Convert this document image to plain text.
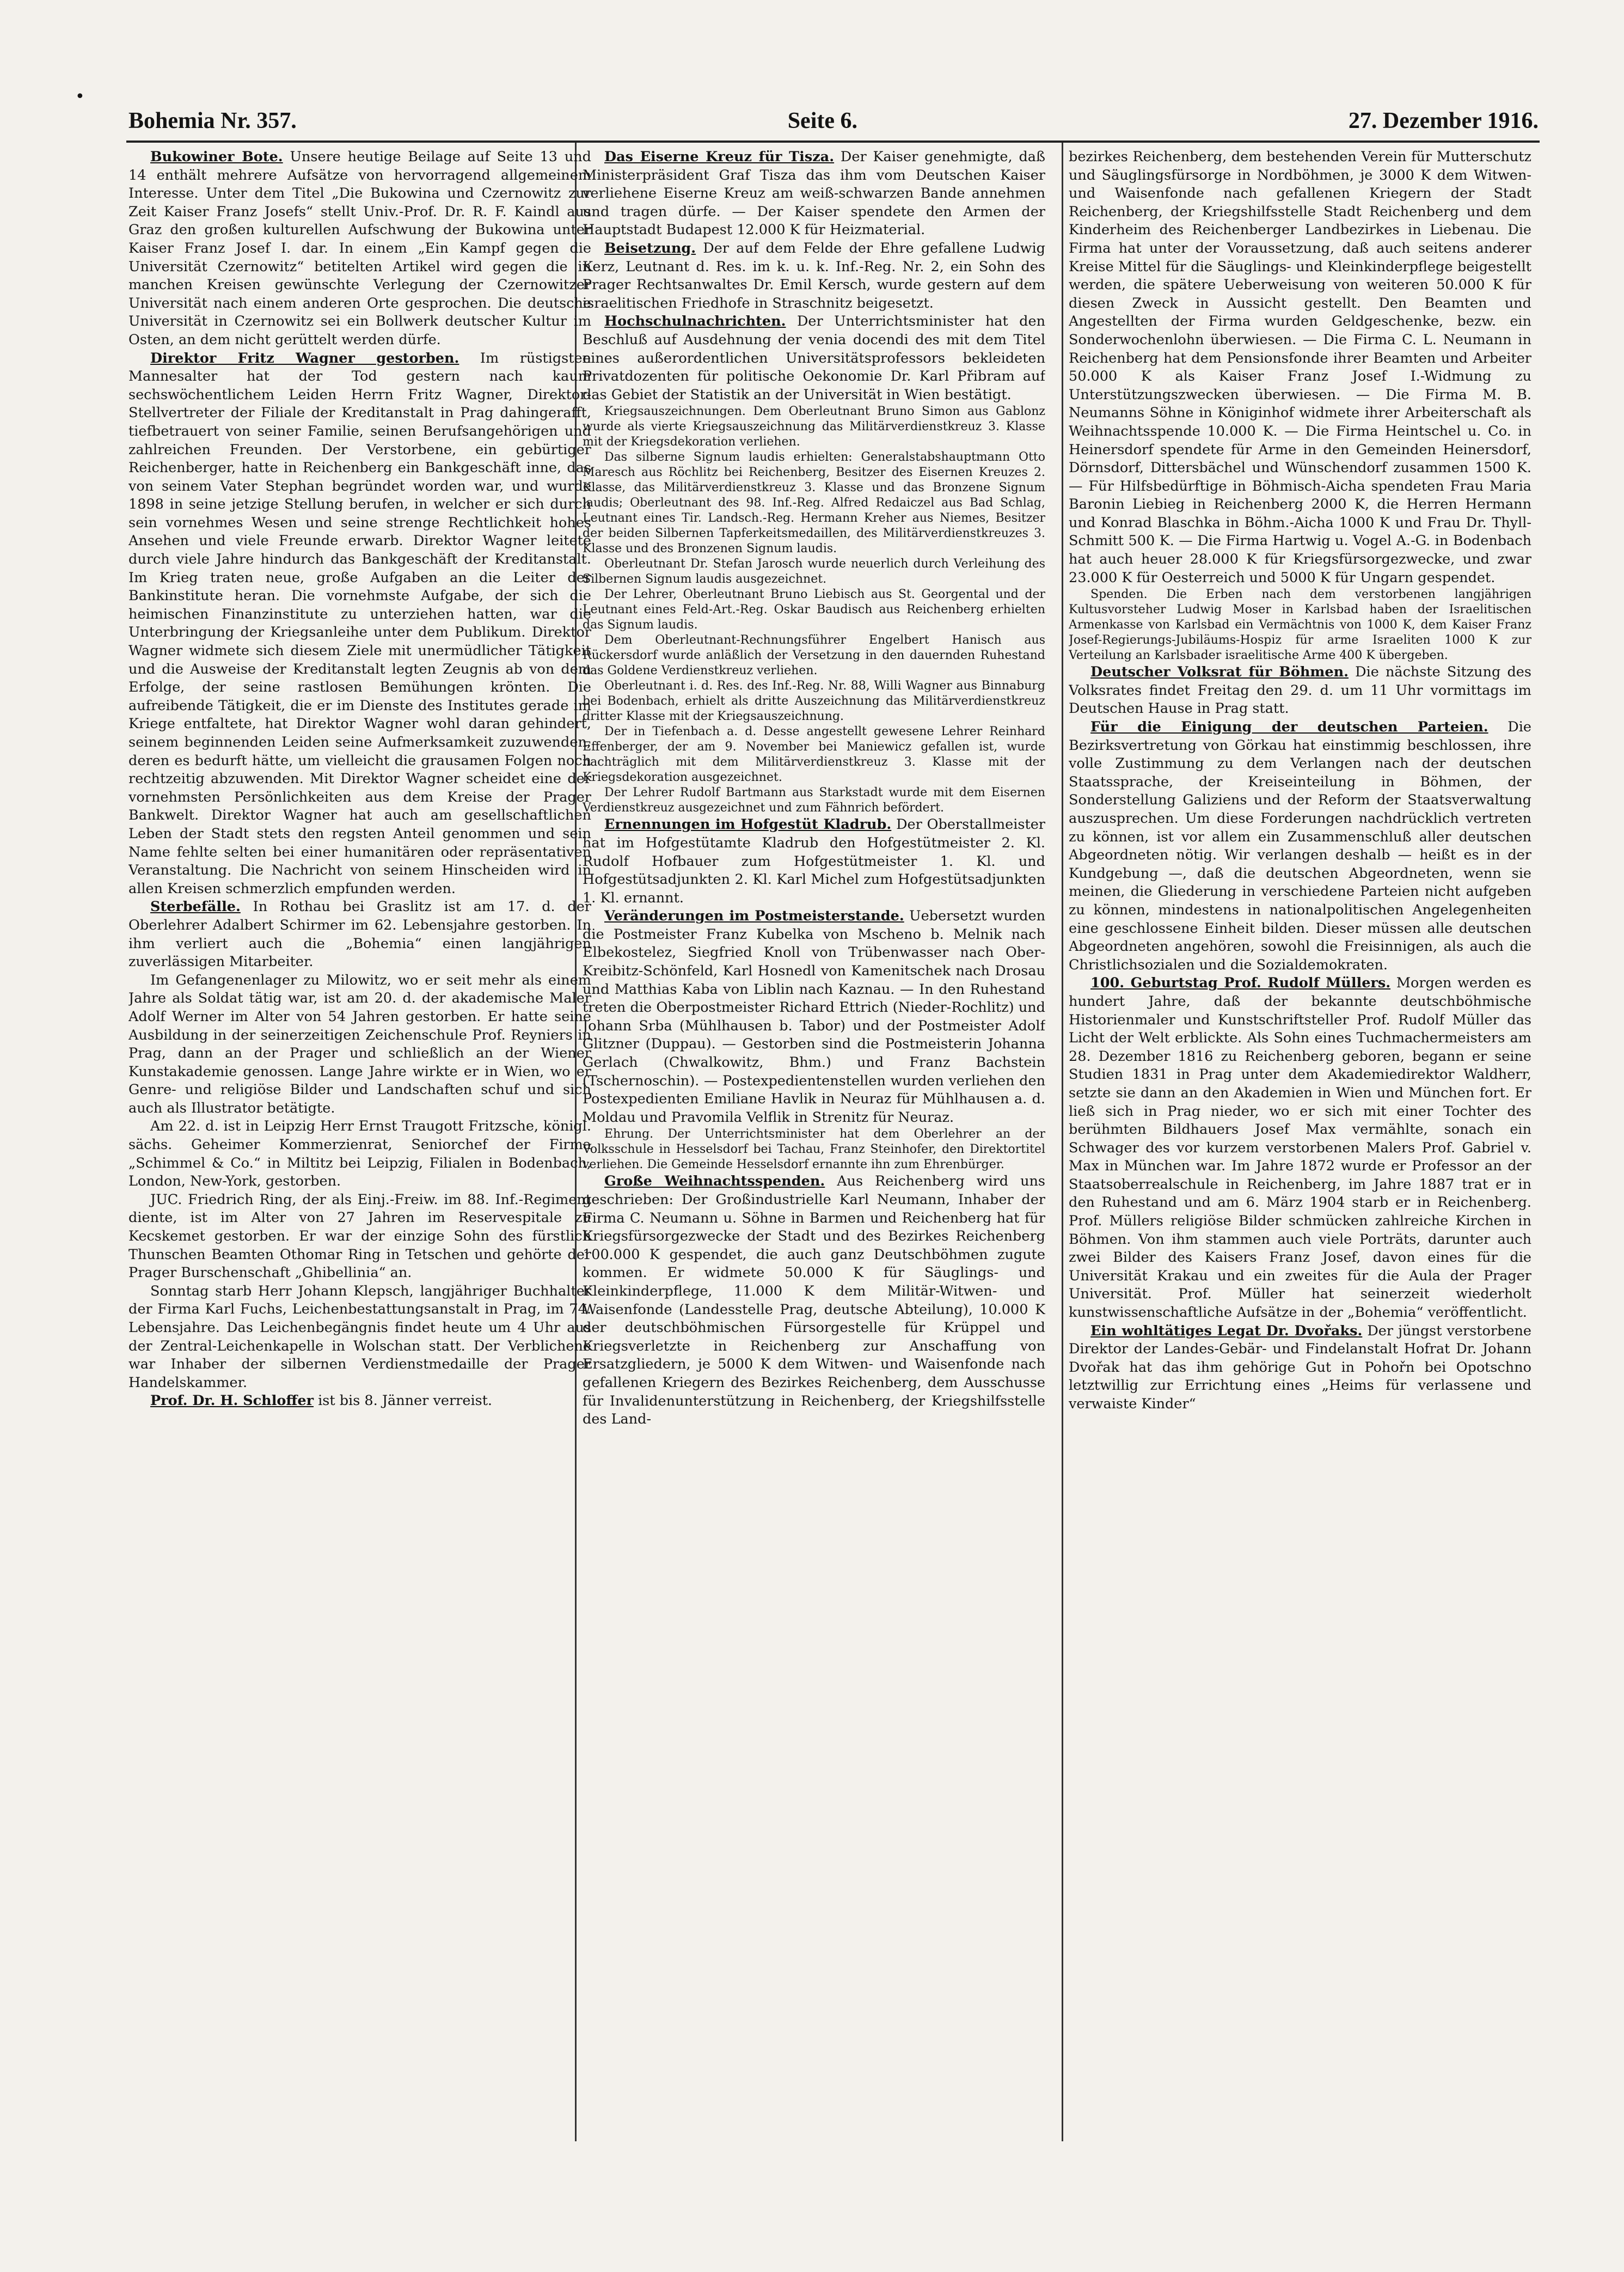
•
Bohemia Nr. 357.	Seite 6.	27. Dezember 1916.

Bukowiner Bote. Unsere heutige Beilage auf Seite 13 und 14 enthält mehrere Aufsätze von hervorragend allgemeinem Interesse. Unter dem Titel „Die Bukowina und Czernowitz zur Zeit Kaiser Franz Josefs“ stellt Univ.-Prof. Dr. R. F. Kaindl aus Graz den großen kulturellen Aufschwung der Bukowina unter Kaiser Franz Josef I. dar. In einem „Ein Kampf gegen die Universität Czernowitz“ betitelten Artikel wird gegen die in manchen Kreisen gewünschte Verlegung der Czernowitzer Universität nach einem anderen Orte gesprochen. Die deutsche Universität in Czernowitz sei ein Bollwerk deutscher Kultur im Osten, an dem nicht gerüttelt werden dürfe.

Direktor Fritz Wagner gestorben. Im rüstigsten Mannesalter hat der Tod gestern nach kaum sechswöchentlichem Leiden Herrn Fritz Wagner, Direktor-Stellvertreter der Filiale der Kreditanstalt in Prag dahingerafft, tiefbetrauert von seiner Familie, seinen Berufsangehörigen und zahlreichen Freunden. Der Verstorbene, ein gebürtiger Reichenberger, hatte in Reichenberg ein Bankgeschäft inne, das von seinem Vater Stephan begründet worden war, und wurde 1898 in seine jetzige Stellung berufen, in welcher er sich durch sein vornehmes Wesen und seine strenge Rechtlichkeit hohes Ansehen und viele Freunde erwarb. Direktor Wagner leitete durch viele Jahre hindurch das Bankgeschäft der Kreditanstalt. Im Krieg traten neue, große Aufgaben an die Leiter der Bankinstitute heran. Die vornehmste Aufgabe, der sich die heimischen Finanzinstitute zu unterziehen hatten, war die Unterbringung der Kriegsanleihe unter dem Publikum. Direktor Wagner widmete sich diesem Ziele mit unermüdlicher Tätigkeit und die Ausweise der Kreditanstalt legten Zeugnis ab von dem Erfolge, der seine rastlosen Bemühungen krönten. Die aufreibende Tätigkeit, die er im Dienste des Institutes gerade im Kriege entfaltete, hat Direktor Wagner wohl daran gehindert, seinem beginnenden Leiden seine Aufmerksamkeit zuzuwenden, deren es bedurft hätte, um vielleicht die grausamen Folgen noch rechtzeitig abzuwenden. Mit Direktor Wagner scheidet eine der vornehmsten Persönlichkeiten aus dem Kreise der Prager Bankwelt. Direktor Wagner hat auch am gesellschaftlichen Leben der Stadt stets den regsten Anteil genommen und sein Name fehlte selten bei einer humanitären oder repräsentativen Veranstaltung. Die Nachricht von seinem Hinscheiden wird in allen Kreisen schmerzlich empfunden werden.

Sterbefälle. In Rothau bei Graslitz ist am 17. d. der Oberlehrer Adalbert Schirmer im 62. Lebensjahre gestorben. In ihm verliert auch die „Bohemia“ einen langjährigen zuverlässigen Mitarbeiter.

Im Gefangenenlager zu Milowitz, wo er seit mehr als einem Jahre als Soldat tätig war, ist am 20. d. der akademische Maler Adolf Werner im Alter von 54 Jahren gestorben. Er hatte seine Ausbildung in der seinerzeitigen Zeichenschule Prof. Reyniers in Prag, dann an der Prager und schließlich an der Wiener Kunstakademie genossen. Lange Jahre wirkte er in Wien, wo er Genre- und religiöse Bilder und Landschaften schuf und sich auch als Illustrator betätigte.

Am 22. d. ist in Leipzig Herr Ernst Traugott Fritzsche, königl. sächs. Geheimer Kommerzienrat, Seniorchef der Firma „Schimmel & Co.“ in Miltitz bei Leipzig, Filialen in Bodenbach, London, New-York, gestorben.

JUC. Friedrich Ring, der als Einj.-Freiw. im 88. Inf.-Regiment diente, ist im Alter von 27 Jahren im Reservespitale zu Kecskemet gestorben. Er war der einzige Sohn des fürstlich Thunschen Beamten Othomar Ring in Tetschen und gehörte der Prager Burschenschaft „Ghibellinia“ an.

Sonntag starb Herr Johann Klepsch, langjähriger Buchhalter der Firma Karl Fuchs, Leichenbestattungsanstalt in Prag, im 74. Lebensjahre. Das Leichenbegängnis findet heute um 4 Uhr aus der Zentral-Leichenkapelle in Wolschan statt. Der Verblichene war Inhaber der silbernen Verdienstmedaille der Prager Handelskammer.

Prof. Dr. H. Schloffer ist bis 8. Jänner verreist.

Das Eiserne Kreuz für Tisza. Der Kaiser genehmigte, daß Ministerpräsident Graf Tisza das ihm vom Deutschen Kaiser verliehene Eiserne Kreuz am weiß-schwarzen Bande annehmen und tragen dürfe. — Der Kaiser spendete den Armen der Hauptstadt Budapest 12.000 K für Heizmaterial.

Beisetzung. Der auf dem Felde der Ehre gefallene Ludwig Kerz, Leutnant d. Res. im k. u. k. Inf.-Reg. Nr. 2, ein Sohn des Prager Rechtsanwaltes Dr. Emil Kersch, wurde gestern auf dem israelitischen Friedhofe in Straschnitz beigesetzt.

Hochschulnachrichten. Der Unterrichtsminister hat den Beschluß auf Ausdehnung der venia docendi des mit dem Titel eines außerordentlichen Universitätsprofessors bekleideten Privatdozenten für politische Oekonomie Dr. Karl Přibram auf das Gebiet der Statistik an der Universität in Wien bestätigt.

Kriegsauszeichnungen. Dem Oberleutnant Bruno Simon aus Gablonz wurde als vierte Kriegsauszeichnung das Militärverdienstkreuz 3. Klasse mit der Kriegsdekoration verliehen.

Das silberne Signum laudis erhielten: Generalstabshauptmann Otto Maresch aus Röchlitz bei Reichenberg, Besitzer des Eisernen Kreuzes 2. Klasse, das Militärverdienstkreuz 3. Klasse und das Bronzene Signum laudis; Oberleutnant des 98. Inf.-Reg. Alfred Redaiczel aus Bad Schlag, Leutnant eines Tir. Landsch.-Reg. Hermann Kreher aus Niemes, Besitzer der beiden Silbernen Tapferkeitsmedaillen, des Militärverdienstkreuzes 3. Klasse und des Bronzenen Signum laudis.

Oberleutnant Dr. Stefan Jarosch wurde neuerlich durch Verleihung des Silbernen Signum laudis ausgezeichnet.

Der Lehrer, Oberleutnant Bruno Liebisch aus St. Georgental und der Leutnant eines Feld-Art.-Reg. Oskar Baudisch aus Reichenberg erhielten das Signum laudis.

Dem Oberleutnant-Rechnungsführer Engelbert Hanisch aus Rückersdorf wurde anläßlich der Versetzung in den dauernden Ruhestand das Goldene Verdienstkreuz verliehen.

Oberleutnant i. d. Res. des Inf.-Reg. Nr. 88, Willi Wagner aus Binnaburg bei Bodenbach, erhielt als dritte Auszeichnung das Militärverdienstkreuz dritter Klasse mit der Kriegsauszeichnung.

Der in Tiefenbach a. d. Desse angestellt gewesene Lehrer Reinhard Effenberger, der am 9. November bei Maniewicz gefallen ist, wurde nachträglich mit dem Militärverdienstkreuz 3. Klasse mit der Kriegsdekoration ausgezeichnet.

Der Lehrer Rudolf Bartmann aus Starkstadt wurde mit dem Eisernen Verdienstkreuz ausgezeichnet und zum Fähnrich befördert.

Ernennungen im Hofgestüt Kladrub. Der Oberstallmeister hat im Hofgestütamte Kladrub den Hofgestütmeister 2. Kl. Rudolf Hofbauer zum Hofgestütmeister 1. Kl. und Hofgestütsadjunkten 2. Kl. Karl Michel zum Hofgestütsadjunkten 1. Kl. ernannt.

Veränderungen im Postmeisterstande. Uebersetzt wurden die Postmeister Franz Kubelka von Mscheno b. Melnik nach Elbekostelez, Siegfried Knoll von Trübenwasser nach Ober-Kreibitz-Schönfeld, Karl Hosnedl von Kamenitschek nach Drosau und Matthias Kaba von Liblin nach Kaznau. — In den Ruhestand treten die Oberpostmeister Richard Ettrich (Nieder-Rochlitz) und Johann Srba (Mühlhausen b. Tabor) und der Postmeister Adolf Glitzner (Duppau). — Gestorben sind die Postmeisterin Johanna Gerlach (Chwalkowitz, Bhm.) und Franz Bachstein (Tschernoschin). — Postexpedientenstellen wurden verliehen den Postexpedienten Emiliane Havlik in Neuraz für Mühlhausen a. d. Moldau und Pravomila Velflik in Strenitz für Neuraz.

Ehrung. Der Unterrichtsminister hat dem Oberlehrer an der Volksschule in Hesselsdorf bei Tachau, Franz Steinhofer, den Direktortitel verliehen. Die Gemeinde Hesselsdorf ernannte ihn zum Ehrenbürger.

Große Weihnachtsspenden. Aus Reichenberg wird uns geschrieben: Der Großindustrielle Karl Neumann, Inhaber der Firma C. Neumann u. Söhne in Barmen und Reichenberg hat für Kriegsfürsorgezwecke der Stadt und des Bezirkes Reichenberg 100.000 K gespendet, die auch ganz Deutschböhmen zugute kommen. Er widmete 50.000 K für Säuglings- und Kleinkinderpflege, 11.000 K dem Militär-Witwen- und Waisenfonde (Landesstelle Prag, deutsche Abteilung), 10.000 K der deutschböhmischen Fürsorgestelle für Krüppel und Kriegsverletzte in Reichenberg zur Anschaffung von Ersatzgliedern, je 5000 K dem Witwen- und Waisenfonde nach gefallenen Kriegern des Bezirkes Reichenberg, dem Ausschusse für Invalidenunterstützung in Reichenberg, der Kriegshilfsstelle des Land-

bezirkes Reichenberg, dem bestehenden Verein für Mutterschutz und Säuglingsfürsorge in Nordböhmen, je 3000 K dem Witwen- und Waisenfonde nach gefallenen Kriegern der Stadt Reichenberg, der Kriegshilfsstelle Stadt Reichenberg und dem Kinderheim des Reichenberger Landbezirkes in Liebenau. Die Firma hat unter der Voraussetzung, daß auch seitens anderer Kreise Mittel für die Säuglings- und Kleinkinderpflege beigestellt werden, die spätere Ueberweisung von weiteren 50.000 K für diesen Zweck in Aussicht gestellt. Den Beamten und Angestellten der Firma wurden Geldgeschenke, bezw. ein Sonderwochenlohn überwiesen. — Die Firma C. L. Neumann in Reichenberg hat dem Pensionsfonde ihrer Beamten und Arbeiter 50.000 K als Kaiser Franz Josef I.-Widmung zu Unterstützungszwecken überwiesen. — Die Firma M. B. Neumanns Söhne in Königinhof widmete ihrer Arbeiterschaft als Weihnachtsspende 10.000 K. — Die Firma Heintschel u. Co. in Heinersdorf spendete für Arme in den Gemeinden Heinersdorf, Dörnsdorf, Dittersbächel und Wünschendorf zusammen 1500 K. — Für Hilfsbedürftige in Böhmisch-Aicha spendeten Frau Maria Baronin Liebieg in Reichenberg 2000 K, die Herren Hermann und Konrad Blaschka in Böhm.-Aicha 1000 K und Frau Dr. Thyll-Schmitt 500 K. — Die Firma Hartwig u. Vogel A.-G. in Bodenbach hat auch heuer 28.000 K für Kriegsfürsorgezwecke, und zwar 23.000 K für Oesterreich und 5000 K für Ungarn gespendet.

Spenden. Die Erben nach dem verstorbenen langjährigen Kultusvorsteher Ludwig Moser in Karlsbad haben der Israelitischen Armenkasse von Karlsbad ein Vermächtnis von 1000 K, dem Kaiser Franz Josef-Regierungs-Jubiläums-Hospiz für arme Israeliten 1000 K zur Verteilung an Karlsbader israelitische Arme 400 K übergeben.

Deutscher Volksrat für Böhmen. Die nächste Sitzung des Volksrates findet Freitag den 29. d. um 11 Uhr vormittags im Deutschen Hause in Prag statt.

Für die Einigung der deutschen Parteien. Die Bezirksvertretung von Görkau hat einstimmig beschlossen, ihre volle Zustimmung zu dem Verlangen nach der deutschen Staatssprache, der Kreiseinteilung in Böhmen, der Sonderstellung Galiziens und der Reform der Staatsverwaltung auszusprechen. Um diese Forderungen nachdrücklich vertreten zu können, ist vor allem ein Zusammenschluß aller deutschen Abgeordneten nötig. Wir verlangen deshalb — heißt es in der Kundgebung —, daß die deutschen Abgeordneten, wenn sie meinen, die Gliederung in verschiedene Parteien nicht aufgeben zu können, mindestens in nationalpolitischen Angelegenheiten eine geschlossene Einheit bilden. Dieser müssen alle deutschen Abgeordneten angehören, sowohl die Freisinnigen, als auch die Christlichsozialen und die Sozialdemokraten.

100. Geburtstag Prof. Rudolf Müllers. Morgen werden es hundert Jahre, daß der bekannte deutschböhmische Historienmaler und Kunstschriftsteller Prof. Rudolf Müller das Licht der Welt erblickte. Als Sohn eines Tuchmachermeisters am 28. Dezember 1816 zu Reichenberg geboren, begann er seine Studien 1831 in Prag unter dem Akademiedirektor Waldherr, setzte sie dann an den Akademien in Wien und München fort. Er ließ sich in Prag nieder, wo er sich mit einer Tochter des berühmten Bildhauers Josef Max vermählte, sonach ein Schwager des vor kurzem verstorbenen Malers Prof. Gabriel v. Max in München war. Im Jahre 1872 wurde er Professor an der Staatsoberrealschule in Reichenberg, im Jahre 1887 trat er in den Ruhestand und am 6. März 1904 starb er in Reichenberg. Prof. Müllers religiöse Bilder schmücken zahlreiche Kirchen in Böhmen. Von ihm stammen auch viele Porträts, darunter auch zwei Bilder des Kaisers Franz Josef, davon eines für die Universität Krakau und ein zweites für die Aula der Prager Universität. Prof. Müller hat seinerzeit wiederholt kunstwissenschaftliche Aufsätze in der „Bohemia“ veröffentlicht.

Ein wohltätiges Legat Dr. Dvořaks. Der jüngst verstorbene Direktor der Landes-Gebär- und Findelanstalt Hofrat Dr. Johann Dvořak hat das ihm gehörige Gut in Pohořn bei Opotschno letztwillig zur Errichtung eines „Heims für verlassene und verwaiste Kinder“
